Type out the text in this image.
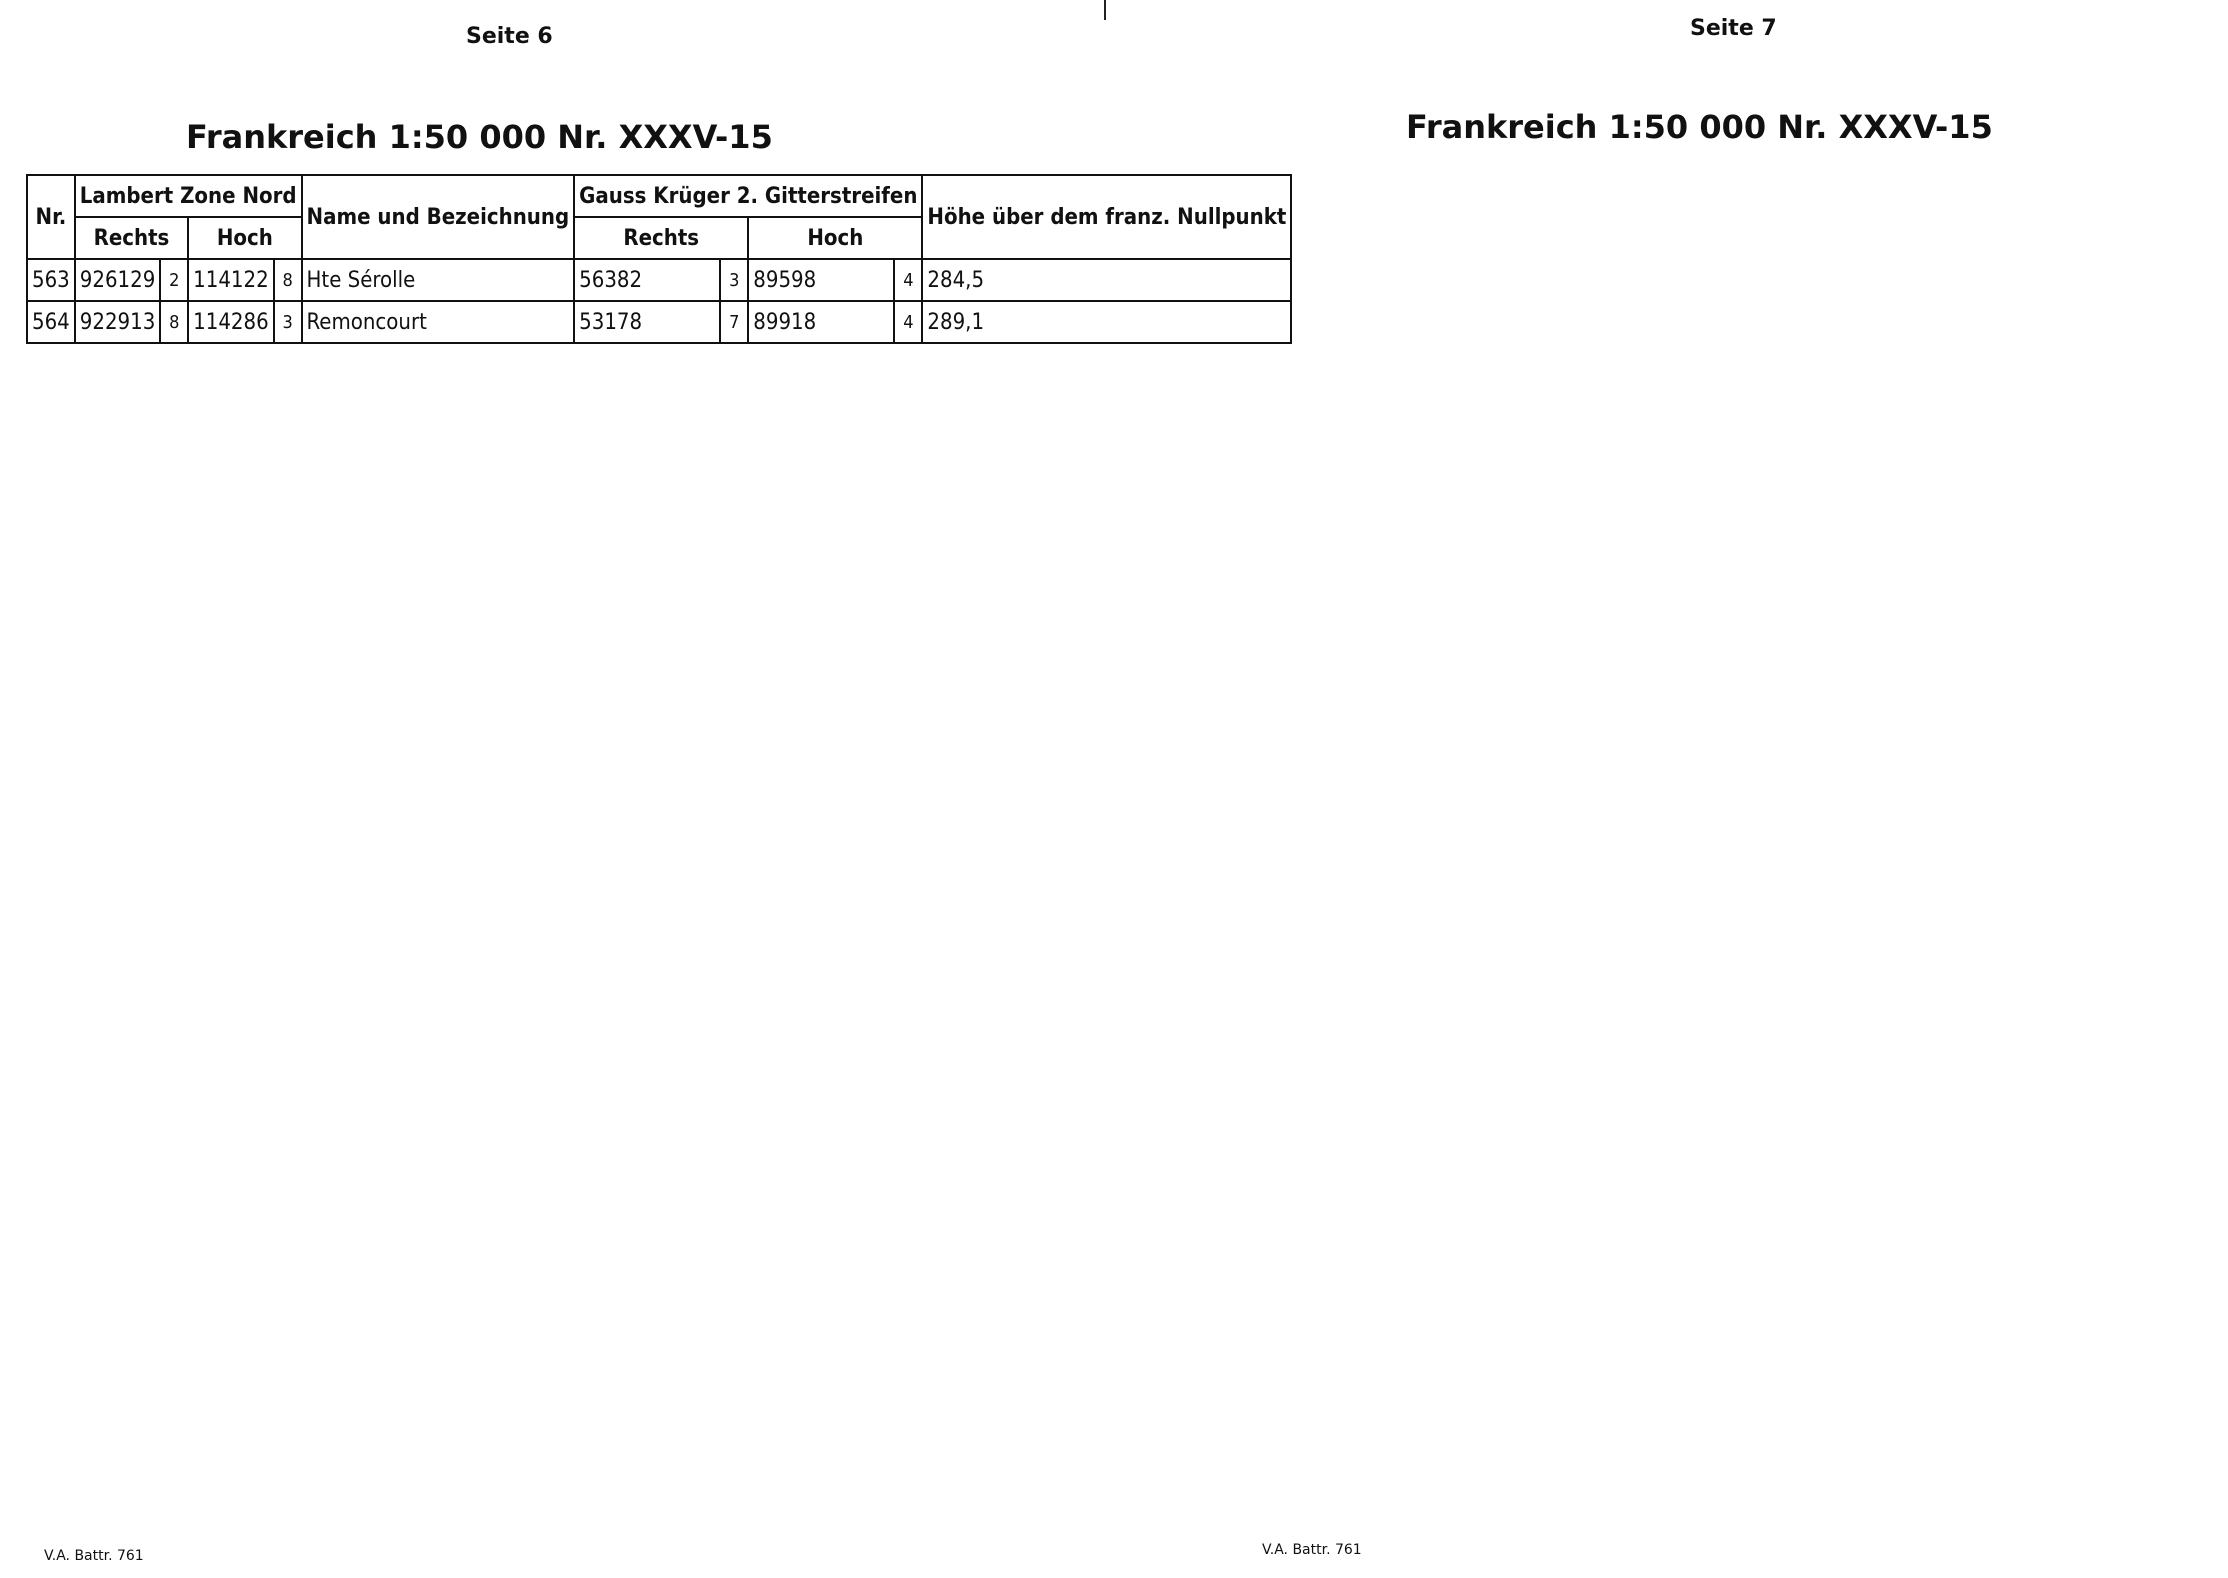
Seite 6	Seite 7
Frankreich 1:50 000 Nr. XXXV-15	Frankreich 1:50 000 Nr. XXXV-15
Nr.	Lambert Zone Nord				Name und Bezeichnung	Gauss Krüger 2. Gitterstreifen				Höhe über dem franz. Nullpunkt
	Rechts		Hoch			Rechts		Hoch		
563	926129	2	114122	8	Hte Sérolle	56382	3	89598	4	284,5
564	922913	8	114286	3	Remoncourt	53178	7	89918	4	289,1
V.A. Battr. 761	V.A. Battr. 761
